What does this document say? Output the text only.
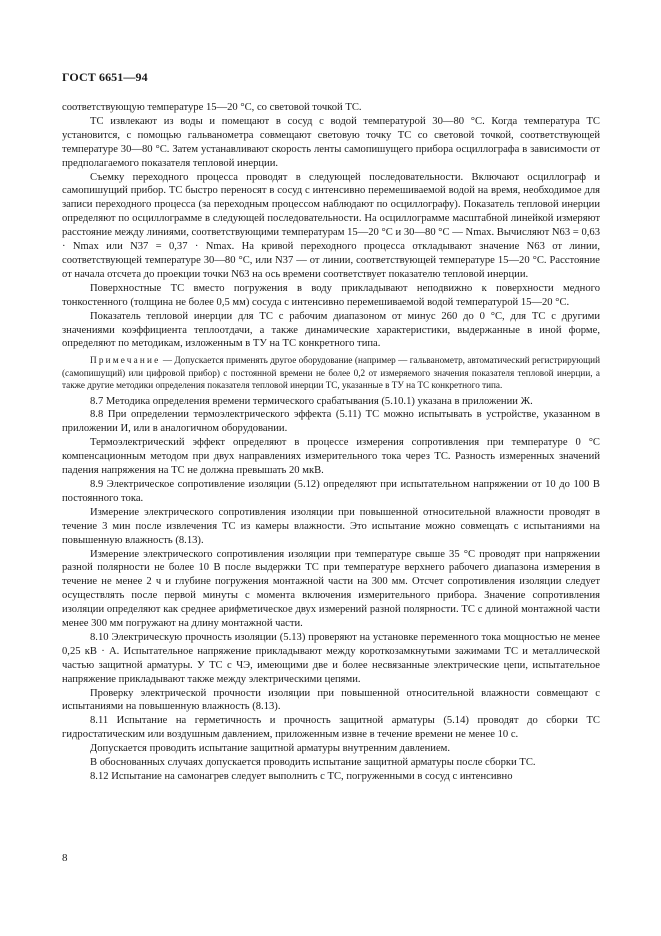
ГОСТ 6651—94

соответствующую температуре 15—20 °С, со световой точкой ТС.

ТС извлекают из воды и помещают в сосуд с водой температурой 30—80 °С. Когда температура ТС установится, с помощью гальванометра совмещают световую точку ТС со световой точкой, соответствующей температуре 30—80 °С. Затем устанавливают скорость ленты самопишущего прибора осциллографа в зависимости от предполагаемого показателя тепловой инерции.

Съемку переходного процесса проводят в следующей последовательности. Включают осциллограф и самопишущий прибор. ТС быстро переносят в сосуд с интенсивно перемешиваемой водой на время, необходимое для записи переходного процесса (за переходным процессом наблюдают по осциллографу). Показатель тепловой инерции определяют по осциллограмме в следующей последовательности. На осциллограмме масштабной линейкой измеряют расстояние между линиями, соответствующими температурам 15—20 °С и 30—80 °С — Nmax. Вычисляют N63 = 0,63 · Nmax или N37 = 0,37 · Nmax. На кривой переходного процесса откладывают значение N63 от линии, соответствующей температуре 30—80 °С, или N37 — от линии, соответствующей температуре 15—20 °С. Расстояние от начала отсчета до проекции точки N63 на ось времени соответствует показателю тепловой инерции.

Поверхностные ТС вместо погружения в воду прикладывают неподвижно к поверхности медного тонкостенного (толщина не более 0,5 мм) сосуда с интенсивно перемешиваемой водой температурой 15—20 °С.

Показатель тепловой инерции для ТС с рабочим диапазоном от минус 260 до 0 °С, для ТС с другими значениями коэффициента теплоотдачи, а также динамические характеристики, выдержанные в иной форме, определяют по методикам, изложенным в ТУ на ТС конкретного типа.

Примечание — Допускается применять другое оборудование (например — гальванометр, автоматический регистрирующий (самопишущий) или цифровой прибор) с постоянной времени не более 0,2 от измеряемого значения показателя тепловой инерции, а также другие методики определения показателя тепловой инерции ТС, указанные в ТУ на ТС конкретного типа.

8.7 Методика определения времени термического срабатывания (5.10.1) указана в приложении Ж.

8.8 При определении термоэлектрического эффекта (5.11) ТС можно испытывать в устройстве, указанном в приложении И, или в аналогичном оборудовании.

Термоэлектрический эффект определяют в процессе измерения сопротивления при температуре 0 °С компенсационным методом при двух направлениях измерительного тока через ТС. Разность измеренных значений падения напряжения на ТС не должна превышать 20 мкВ.

8.9 Электрическое сопротивление изоляции (5.12) определяют при испытательном напряжении от 10 до 100 В постоянного тока.

Измерение электрического сопротивления изоляции при повышенной относительной влажности проводят в течение 3 мин после извлечения ТС из камеры влажности. Это испытание можно совмещать с испытаниями на повышенную влажность (8.13).

Измерение электрического сопротивления изоляции при температуре свыше 35 °С проводят при напряжении разной полярности не более 10 В после выдержки ТС при температуре верхнего рабочего диапазона измерения в течение не менее 2 ч и глубине погружения монтажной части на 300 мм. Отсчет сопротивления изоляции следует осуществлять после первой минуты с момента включения измерительного прибора. Значение сопротивления изоляции определяют как среднее арифметическое двух измерений разной полярности. ТС с длиной монтажной части менее 300 мм погружают на длину монтажной части.

8.10 Электрическую прочность изоляции (5.13) проверяют на установке переменного тока мощностью не менее 0,25 кВ · А. Испытательное напряжение прикладывают между короткозамкнутыми зажимами ТС и металлической частью защитной арматуры. У ТС с ЧЭ, имеющими две и более несвязанные электрические цепи, испытательное напряжение прикладывают также между электрическими цепями.

Проверку электрической прочности изоляции при повышенной относительной влажности совмещают с испытаниями на повышенную влажность (8.13).

8.11 Испытание на герметичность и прочность защитной арматуры (5.14) проводят до сборки ТС гидростатическим или воздушным давлением, приложенным извне в течение времени не менее 10 с.

Допускается проводить испытание защитной арматуры внутренним давлением.

В обоснованных случаях допускается проводить испытание защитной арматуры после сборки ТС.

8.12 Испытание на самонагрев следует выполнить с ТС, погруженными в сосуд с интенсивно

8
